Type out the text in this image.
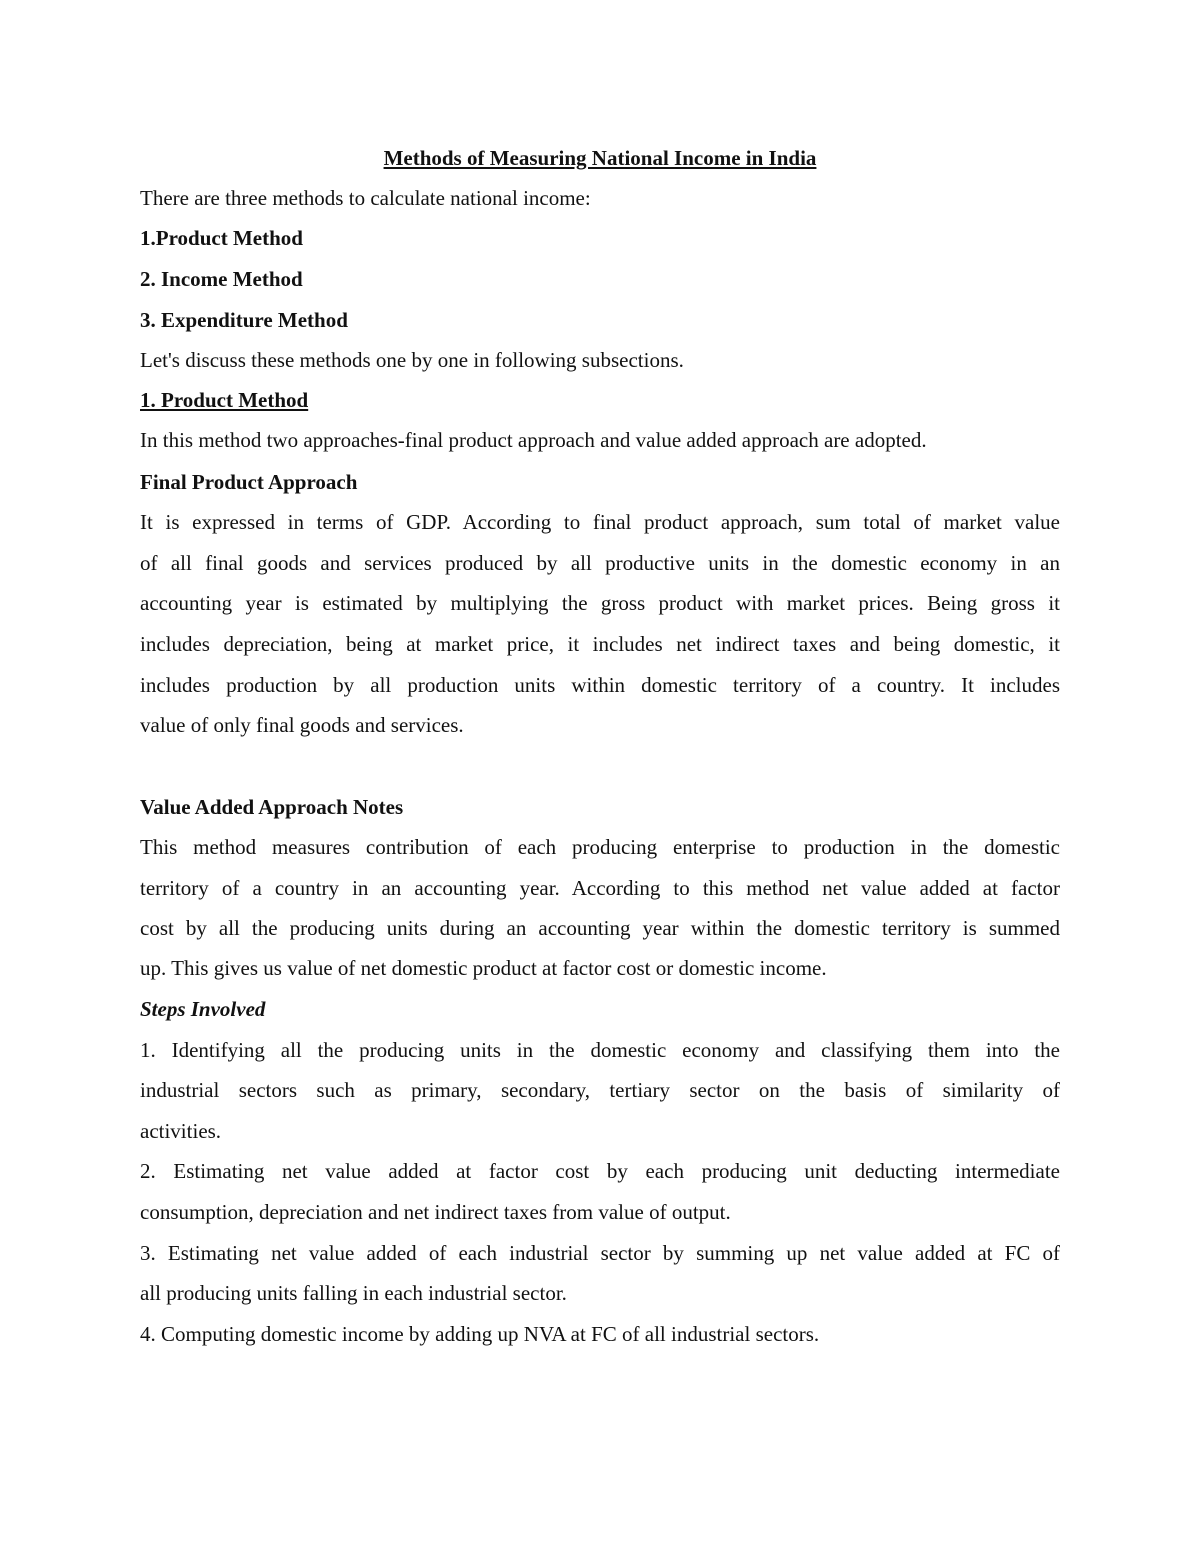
Methods of Measuring National Income in India
There are three methods to calculate national income:
1.Product Method
2. Income Method
3. Expenditure Method
Let's discuss these methods one by one in following subsections.
1. Product Method
In this method two approaches-final product approach and value added approach are adopted.
Final Product Approach
It is expressed in terms of GDP. According to final product approach, sum total of market value
of all final goods and services produced by all productive units in the domestic economy in an
accounting year is estimated by multiplying the gross product with market prices. Being gross it
includes depreciation, being at market price, it includes net indirect taxes and being domestic, it
includes production by all production units within domestic territory of a country. It includes
value of only final goods and services.
Value Added Approach Notes
This method measures contribution of each producing enterprise to production in the domestic
territory of a country in an accounting year. According to this method net value added at factor
cost by all the producing units during an accounting year within the domestic territory is summed
up. This gives us value of net domestic product at factor cost or domestic income.
Steps Involved
1. Identifying all the producing units in the domestic economy and classifying them into the
industrial sectors such as primary, secondary, tertiary sector on the basis of similarity of
activities.
2. Estimating net value added at factor cost by each producing unit deducting intermediate
consumption, depreciation and net indirect taxes from value of output.
3. Estimating net value added of each industrial sector by summing up net value added at FC of
all producing units falling in each industrial sector.
4. Computing domestic income by adding up NVA at FC of all industrial sectors.
